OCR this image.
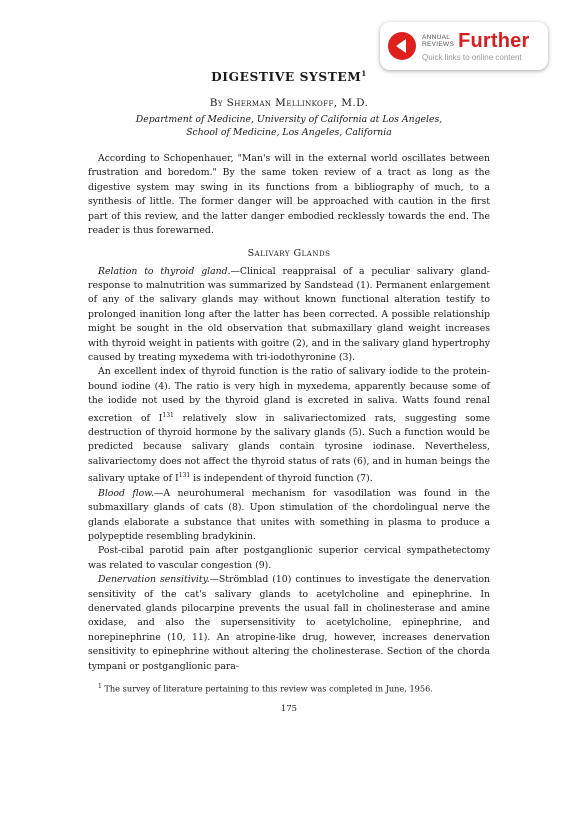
ANNUAL
REVIEWS Further
Quick links to online content
DIGESTIVE SYSTEM$^1$
By Sherman Mellinkoff, M.D.
Department of Medicine, University of California at Los Angeles,
School of Medicine, Los Angeles, California

According to Schopenhauer, "Man's will in the external world oscillates between frustration and boredom." By the same token review of a tract as long as the digestive system may swing in its functions from a bibliography of much, to a synthesis of little. The former danger will be approached with caution in the first part of this review, and the latter danger embodied recklessly towards the end. The reader is thus forewarned.

Salivary Glands

Relation to thyroid gland.—Clinical reappraisal of a peculiar salivary gland-response to malnutrition was summarized by Sandstead (1). Permanent enlargement of any of the salivary glands may without known functional alteration testify to prolonged inanition long after the latter has been corrected. A possible relationship might be sought in the old observation that submaxillary gland weight increases with thyroid weight in patients with goitre (2), and in the salivary gland hypertrophy caused by treating myxedema with tri-iodothyronine (3).

An excellent index of thyroid function is the ratio of salivary iodide to the protein-bound iodine (4). The ratio is very high in myxedema, apparently because some of the iodide not used by the thyroid gland is excreted in saliva. Watts found renal excretion of $I^{131}$ relatively slow in salivariectomized rats, suggesting some destruction of thyroid hormone by the salivary glands (5). Such a function would be predicted because salivary glands contain tyrosine iodinase. Nevertheless, salivariectomy does not affect the thyroid status of rats (6), and in human beings the salivary uptake of $I^{131}$ is independent of thyroid function (7).

Blood flow.—A neurohumeral mechanism for vasodilation was found in the submaxillary glands of cats (8). Upon stimulation of the chordolingual nerve the glands elaborate a substance that unites with something in plasma to produce a polypeptide resembling bradykinin.

Post-cibal parotid pain after postganglionic superior cervical sympathetectomy was related to vascular congestion (9).

Denervation sensitivity.—Strömblad (10) continues to investigate the denervation sensitivity of the cat's salivary glands to acetylcholine and epinephrine. In denervated glands pilocarpine prevents the usual fall in cholinesterase and amine oxidase, and also the supersensitivity to acetylcholine, epinephrine, and norepinephrine (10, 11). An atropine-like drug, however, increases denervation sensitivity to epinephrine without altering the cholinesterase. Section of the chorda tympani or postganglionic para-

$^1$ The survey of literature pertaining to this review was completed in June, 1956.
175
